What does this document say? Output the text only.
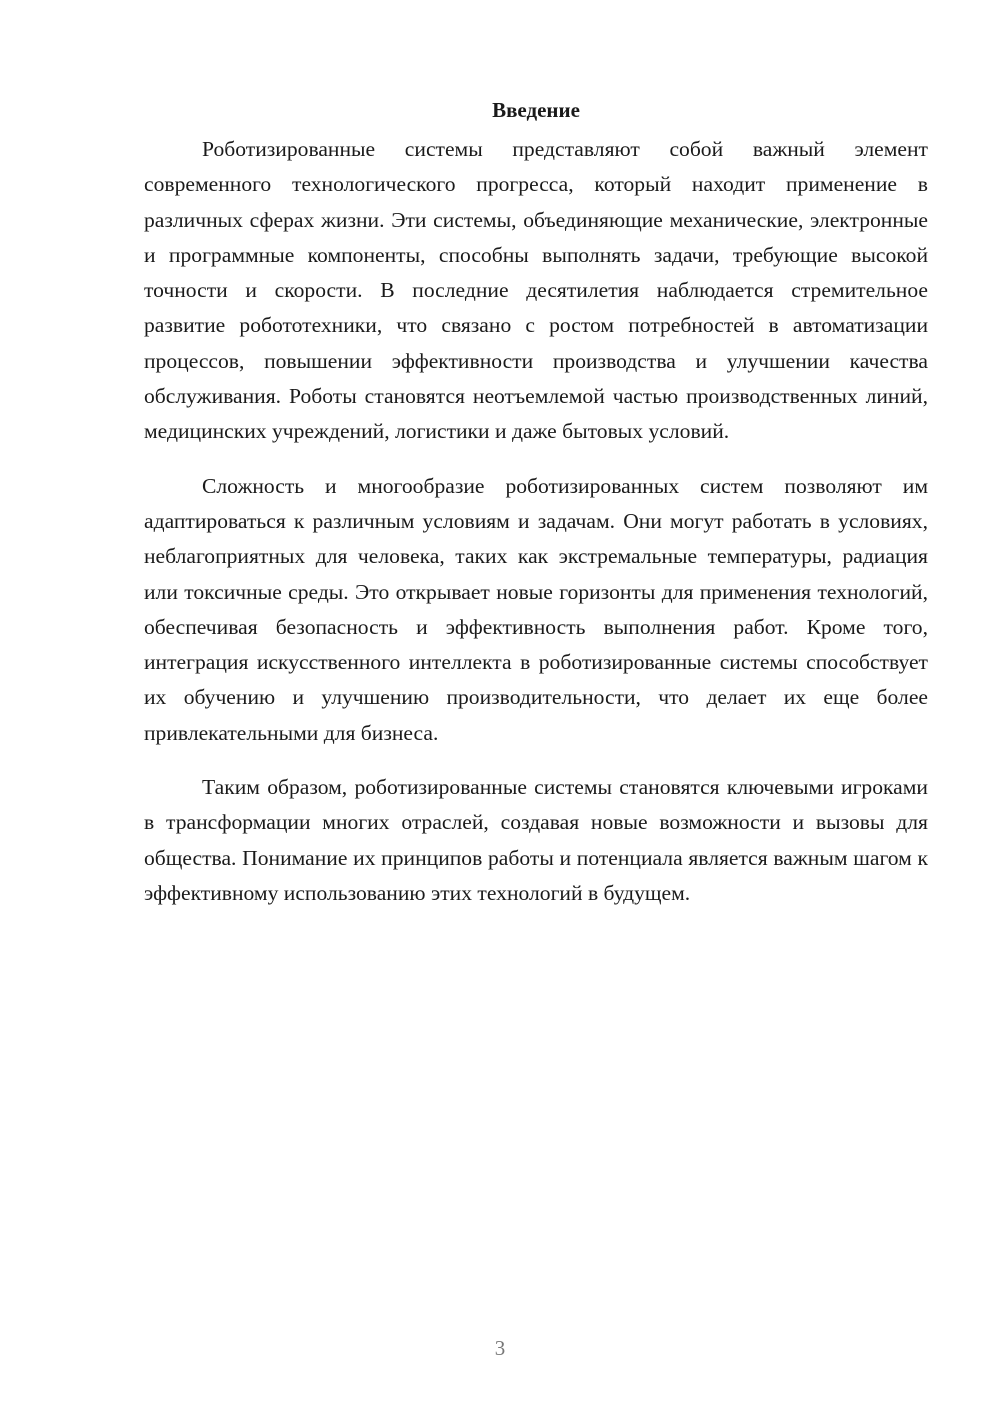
Введение

Роботизированные системы представляют собой важный элемент современного технологического прогресса, который находит применение в различных сферах жизни. Эти системы, объединяющие механические, электронные и программные компоненты, способны выполнять задачи, требующие высокой точности и скорости. В последние десятилетия наблюдается стремительное развитие робототехники, что связано с ростом потребностей в автоматизации процессов, повышении эффективности производства и улучшении качества обслуживания. Роботы становятся неотъемлемой частью производственных линий, медицинских учреждений, логистики и даже бытовых условий.

Сложность и многообразие роботизированных систем позволяют им адаптироваться к различным условиям и задачам. Они могут работать в условиях, неблагоприятных для человека, таких как экстремальные температуры, радиация или токсичные среды. Это открывает новые горизонты для применения технологий, обеспечивая безопасность и эффективность выполнения работ. Кроме того, интеграция искусственного интеллекта в роботизированные системы способствует их обучению и улучшению производительности, что делает их еще более привлекательными для бизнеса.

Таким образом, роботизированные системы становятся ключевыми игроками в трансформации многих отраслей, создавая новые возможности и вызовы для общества. Понимание их принципов работы и потенциала является важным шагом к эффективному использованию этих технологий в будущем.

3
